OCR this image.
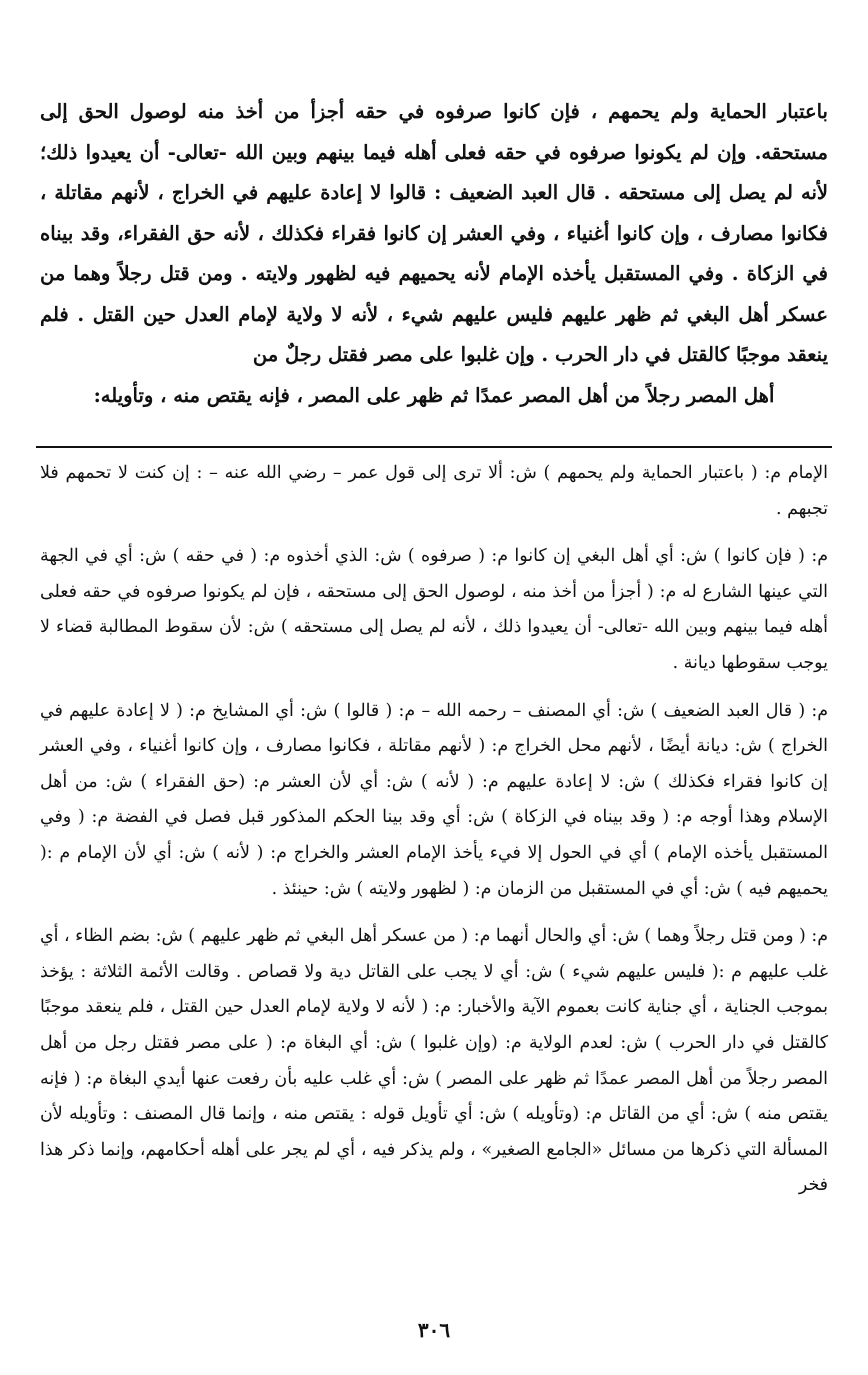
باعتبار الحماية ولم يحمهم ، فإن كانوا صرفوه في حقه أجزأ من أخذ منه لوصول الحق إلى مستحقه. وإن لم يكونوا صرفوه في حقه فعلى أهله فيما بينهم وبين الله -تعالى- أن يعيدوا ذلك؛ لأنه لم يصل إلى مستحقه . قال العبد الضعيف : قالوا لا إعادة عليهم في الخراج ، لأنهم مقاتلة ، فكانوا مصارف ، وإن كانوا أغنياء ، وفي العشر إن كانوا فقراء فكذلك ، لأنه حق الفقراء، وقد بيناه في الزكاة . وفي المستقبل يأخذه الإمام لأنه يحميهم فيه لظهور ولايته . ومن قتل رجلاً وهما من عسكر أهل البغي ثم ظهر عليهم فليس عليهم شيء ، لأنه لا ولاية لإمام العدل حين القتل . فلم ينعقد موجبًا كالقتل في دار الحرب . وإن غلبوا على مصر فقتل رجلٌ من

أهل المصر رجلاً من أهل المصر عمدًا ثم ظهر على المصر ، فإنه يقتص منه ، وتأويله:

الإمام م: ( باعتبار الحماية ولم يحمهم ) ش: ألا ترى إلى قول عمر – رضي الله عنه – : إن كنت لا تحمهم فلا تجبهم .

م: ( فإن كانوا ) ش: أي أهل البغي إن كانوا م: ( صرفوه ) ش: الذي أخذوه م: ( في حقه ) ش: أي في الجهة التي عينها الشارع له م: ( أجزأ من أخذ منه ، لوصول الحق إلى مستحقه ، فإن لم يكونوا صرفوه في حقه فعلى أهله فيما بينهم وبين الله -تعالى- أن يعيدوا ذلك ، لأنه لم يصل إلى مستحقه ) ش: لأن سقوط المطالبة قضاء لا يوجب سقوطها ديانة .

م: ( قال العبد الضعيف ) ش: أي المصنف – رحمه الله – م: ( قالوا ) ش: أي المشايخ م: ( لا إعادة عليهم في الخراج ) ش: ديانة أيضًا ، لأنهم محل الخراج م: ( لأنهم مقاتلة ، فكانوا مصارف ، وإن كانوا أغنياء ، وفي العشر إن كانوا فقراء فكذلك ) ش: لا إعادة عليهم م: ( لأنه ) ش: أي لأن العشر م: (حق الفقراء ) ش: من أهل الإسلام وهذا أوجه م: ( وقد بيناه في الزكاة ) ش: أي وقد بينا الحكم المذكور قبل فصل في الفضة م: ( وفي المستقبل يأخذه الإمام ) أي في الحول إلا فيء يأخذ الإمام العشر والخراج م: ( لأنه ) ش: أي لأن الإمام م :( يحميهم فيه ) ش: أي في المستقبل من الزمان م: ( لظهور ولايته ) ش: حينئذ .

م: ( ومن قتل رجلاً وهما ) ش: أي والحال أنهما م: ( من عسكر أهل البغي ثم ظهر عليهم ) ش: بضم الظاء ، أي غلب عليهم م :( فليس عليهم شيء ) ش: أي لا يجب على القاتل دية ولا قصاص . وقالت الأئمة الثلاثة : يؤخذ بموجب الجناية ، أي جناية كانت بعموم الآية والأخبار: م: ( لأنه لا ولاية لإمام العدل حين القتل ، فلم ينعقد موجبًا كالقتل في دار الحرب ) ش: لعدم الولاية م: (وإن غلبوا ) ش: أي البغاة م: ( على مصر فقتل رجل من أهل المصر رجلاً من أهل المصر عمدًا ثم ظهر على المصر ) ش: أي غلب عليه بأن رفعت عنها أيدي البغاة م: ( فإنه يقتص منه ) ش: أي من القاتل م: (وتأويله ) ش: أي تأويل قوله : يقتص منه ، وإنما قال المصنف : وتأويله لأن المسألة التي ذكرها من مسائل «الجامع الصغير» ، ولم يذكر فيه ، أي لم يجر على أهله أحكامهم، وإنما ذكر هذا فخر

٣٠٦
